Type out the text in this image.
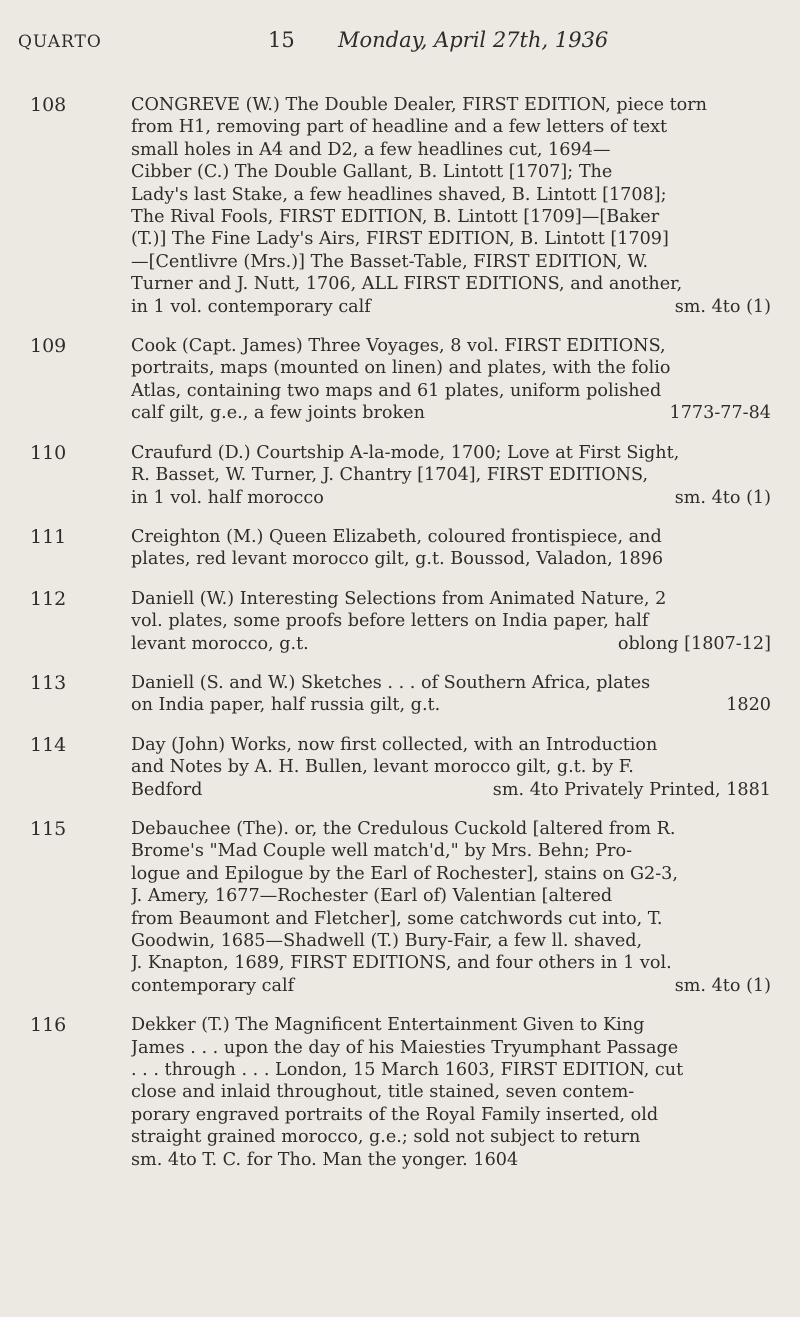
QUARTO	15 Monday, April 27th, 1936
108	CONGREVE (W.) The Double Dealer, FIRST EDITION, piece torn
from H1, removing part of headline and a few letters of text
small holes in A4 and D2, a few headlines cut, 1694—
Cibber (C.) The Double Gallant, B. Lintott [1707]; The
Lady's last Stake, a few headlines shaved, B. Lintott [1708];
The Rival Fools, FIRST EDITION, B. Lintott [1709]—[Baker
(T.)] The Fine Lady's Airs, FIRST EDITION, B. Lintott [1709]
—[Centlivre (Mrs.)] The Basset-Table, FIRST EDITION, W.
Turner and J. Nutt, 1706, ALL FIRST EDITIONS, and another,
in 1 vol. contemporary calf	sm. 4to (1)
109	Cook (Capt. James) Three Voyages, 8 vol. FIRST EDITIONS,
portraits, maps (mounted on linen) and plates, with the folio
Atlas, containing two maps and 61 plates, uniform polished
calf gilt, g.e., a few joints broken	1773-77-84
110	Craufurd (D.) Courtship A-la-mode, 1700; Love at First Sight,
R. Basset, W. Turner, J. Chantry [1704], FIRST EDITIONS,
in 1 vol. half morocco	sm. 4to (1)
111	Creighton (M.) Queen Elizabeth, coloured frontispiece, and
plates, red levant morocco gilt, g.t. Boussod, Valadon, 1896
112	Daniell (W.) Interesting Selections from Animated Nature, 2
vol. plates, some proofs before letters on India paper, half
levant morocco, g.t.	oblong [1807-12]
113	Daniell (S. and W.) Sketches . . . of Southern Africa, plates
on India paper, half russia gilt, g.t.	1820
114	Day (John) Works, now first collected, with an Introduction
and Notes by A. H. Bullen, levant morocco gilt, g.t. by F.
Bedford	sm. 4to Privately Printed, 1881
115	Debauchee (The). or, the Credulous Cuckold [altered from R.
Brome's "Mad Couple well match'd," by Mrs. Behn; Pro-
logue and Epilogue by the Earl of Rochester], stains on G2-3,
J. Amery, 1677—Rochester (Earl of) Valentian [altered
from Beaumont and Fletcher], some catchwords cut into, T.
Goodwin, 1685—Shadwell (T.) Bury-Fair, a few ll. shaved,
J. Knapton, 1689, FIRST EDITIONS, and four others in 1 vol.
contemporary calf	sm. 4to (1)
116	Dekker (T.) The Magnificent Entertainment Given to King
James . . . upon the day of his Maiesties Tryumphant Passage
. . . through . . . London, 15 March 1603, FIRST EDITION, cut
close and inlaid throughout, title stained, seven contem-
porary engraved portraits of the Royal Family inserted, old
straight grained morocco, g.e.; sold not subject to return
sm. 4to T. C. for Tho. Man the yonger. 1604
